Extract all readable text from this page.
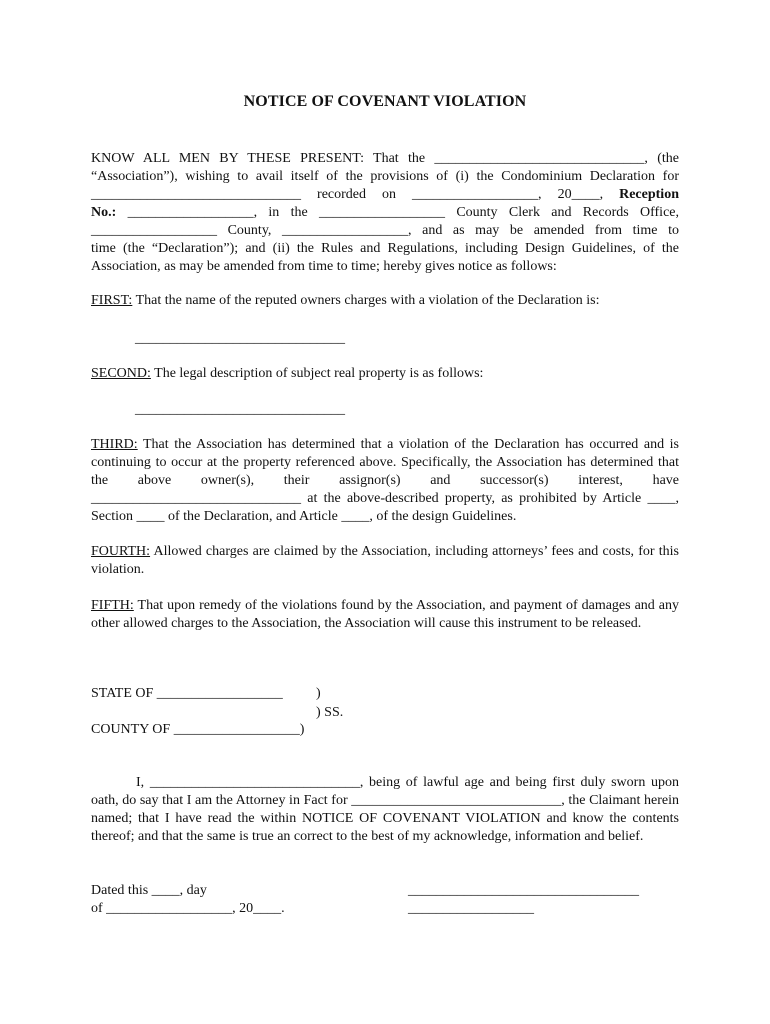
NOTICE OF COVENANT VIOLATION
KNOW ALL MEN BY THESE PRESENT: That the ______________________________, (the
“Association”), wishing to avail itself of the provisions of (i) the Condominium Declaration for
______________________________ recorded on __________________, 20____, Reception
No.: __________________, in the __________________ County Clerk and Records Office,
__________________ County, __________________, and as may be amended from time to
time (the “Declaration”); and (ii) the Rules and Regulations, including Design Guidelines, of the
Association, as may be amended from time to time; hereby gives notice as follows:
FIRST: That the name of the reputed owners charges with a violation of the Declaration is:
______________________________
SECOND: The legal description of subject real property is as follows:
______________________________
THIRD: That the Association has determined that a violation of the Declaration has occurred and is continuing to occur at the property referenced above. Specifically, the Association has determined that the above owner(s), their assignor(s) and successor(s) interest, have ______________________________ at the above-described property, as prohibited by Article ____, Section ____ of the Declaration, and Article ____, of the design Guidelines.
FOURTH: Allowed charges are claimed by the Association, including attorneys’ fees and costs, for this violation.
FIFTH: That upon remedy of the violations found by the Association, and payment of damages and any other allowed charges to the Association, the Association will cause this instrument to be released.
STATE OF __________________ )
) SS.
COUNTY OF __________________)
I, ______________________________, being of lawful age and being first duly sworn upon oath, do say that I am the Attorney in Fact for ______________________________, the Claimant herein named; that I have read the within NOTICE OF COVENANT VIOLATION and know the contents thereof; and that the same is true an correct to the best of my acknowledge, information and belief.
Dated this ____, day
of __________________, 20____.
_________________________________
__________________
